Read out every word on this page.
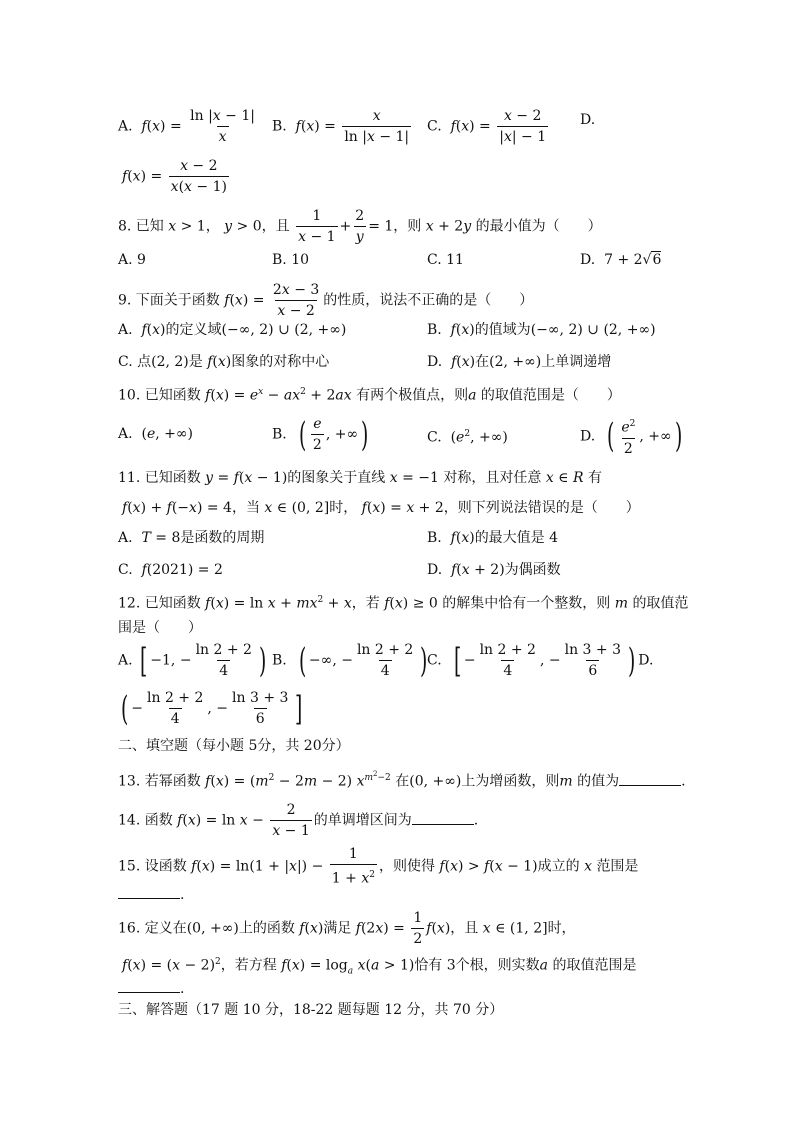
A. $f(x) = \frac{\ln |x - 1|}{x} B$. $f(x) = \frac{x}{\ln |x - 1|} C$. $f(x) = \frac{x - 2}{|x| - 1} D$.
$f(x) = \frac{x - 2}{x(x - 1)}$
8. 已知 x > 1， y > 0，且 $\frac{1}{x - 1} + \frac{2}{y} = 1$，则 x + 2y 的最小值为（　　）
A. 9	B. 10	C. 11	D.  7 + 2√6
9. 下面关于函数 $f(x) = \frac{2x - 3}{x - 2}$ 的性质，说法不正确的是（　　）
A. f(x)的定义域(−∞, 2) ∪ (2, +∞)	B. f(x)的值域为(−∞, 2) ∪ (2, +∞)
C. 点(2, 2)是 f(x)图象的对称中心	D. f(x)在(2, +∞)上单调递增
10. 已知函数 $f(x) = e^x - ax^2 + 2ax$ 有两个极值点，则a 的取值范围是（　　）
A.  (e, +∞)	B. ( $\frac{e}{2}$ , +∞)	C.  ($e^2$, +∞)	D. ( $\frac{e^2}{2}$ , +∞)
11. 已知函数 y = f(x − 1)的图象关于直线 x = −1 对称，且对任意 x ∈ R 有
f(x) + f(−x) = 4，当 x ∈ (0, 2]时， f(x) = x + 2，则下列说法错误的是（　　）
A. T = 8是函数的周期	B. f(x)的最大值是 4
C. f(2021) = 2	D. f(x + 2)为偶函数
12. 已知函数 $f(x) = \ln x + mx^2 + x$，若 f(x) ≥ 0 的解集中恰有一个整数，则 m 的取值范
围是（　　）
A. [ −1, − $\frac{\ln 2 + 2}{4}$ ) B. ( −∞, − $\frac{\ln 2 + 2}{4}$ ) C. [ − $\frac{\ln 2 + 2}{4}$ , − $\frac{\ln 3 + 3}{6}$ ) D.
( − $\frac{\ln 2 + 2}{4}$ , − $\frac{\ln 3 + 3}{6}$ ]
二、填空题（每小题 5分，共 20分）
13. 若幂函数 $f(x) = (m^2 - 2m - 2)$ $x^{m^2-2}$ 在(0, +∞)上为增函数，则m 的值为	.
14. 函数 $f(x) = \ln x - \frac{2}{x - 1}$ 的单调增区间为	.
15. 设函数 $f(x) = \ln(1 + |x|) - \frac{1}{1 + x^2}$ ，则使得 f(x) > f(x − 1)成立的 x 范围是
.
16. 定义在(0, +∞)上的函数 f(x)满足 $f(2x) = \frac{1}{2} f(x)$，且 x ∈ (1, 2]时，
$f(x) = (x - 2)^2$，若方程 $f(x) = \log_a x(a > 1)$恰有 3个根，则实数a 的取值范围是
.
三、解答题（17 题 10 分，18-22 题每题 12 分，共 70 分）
